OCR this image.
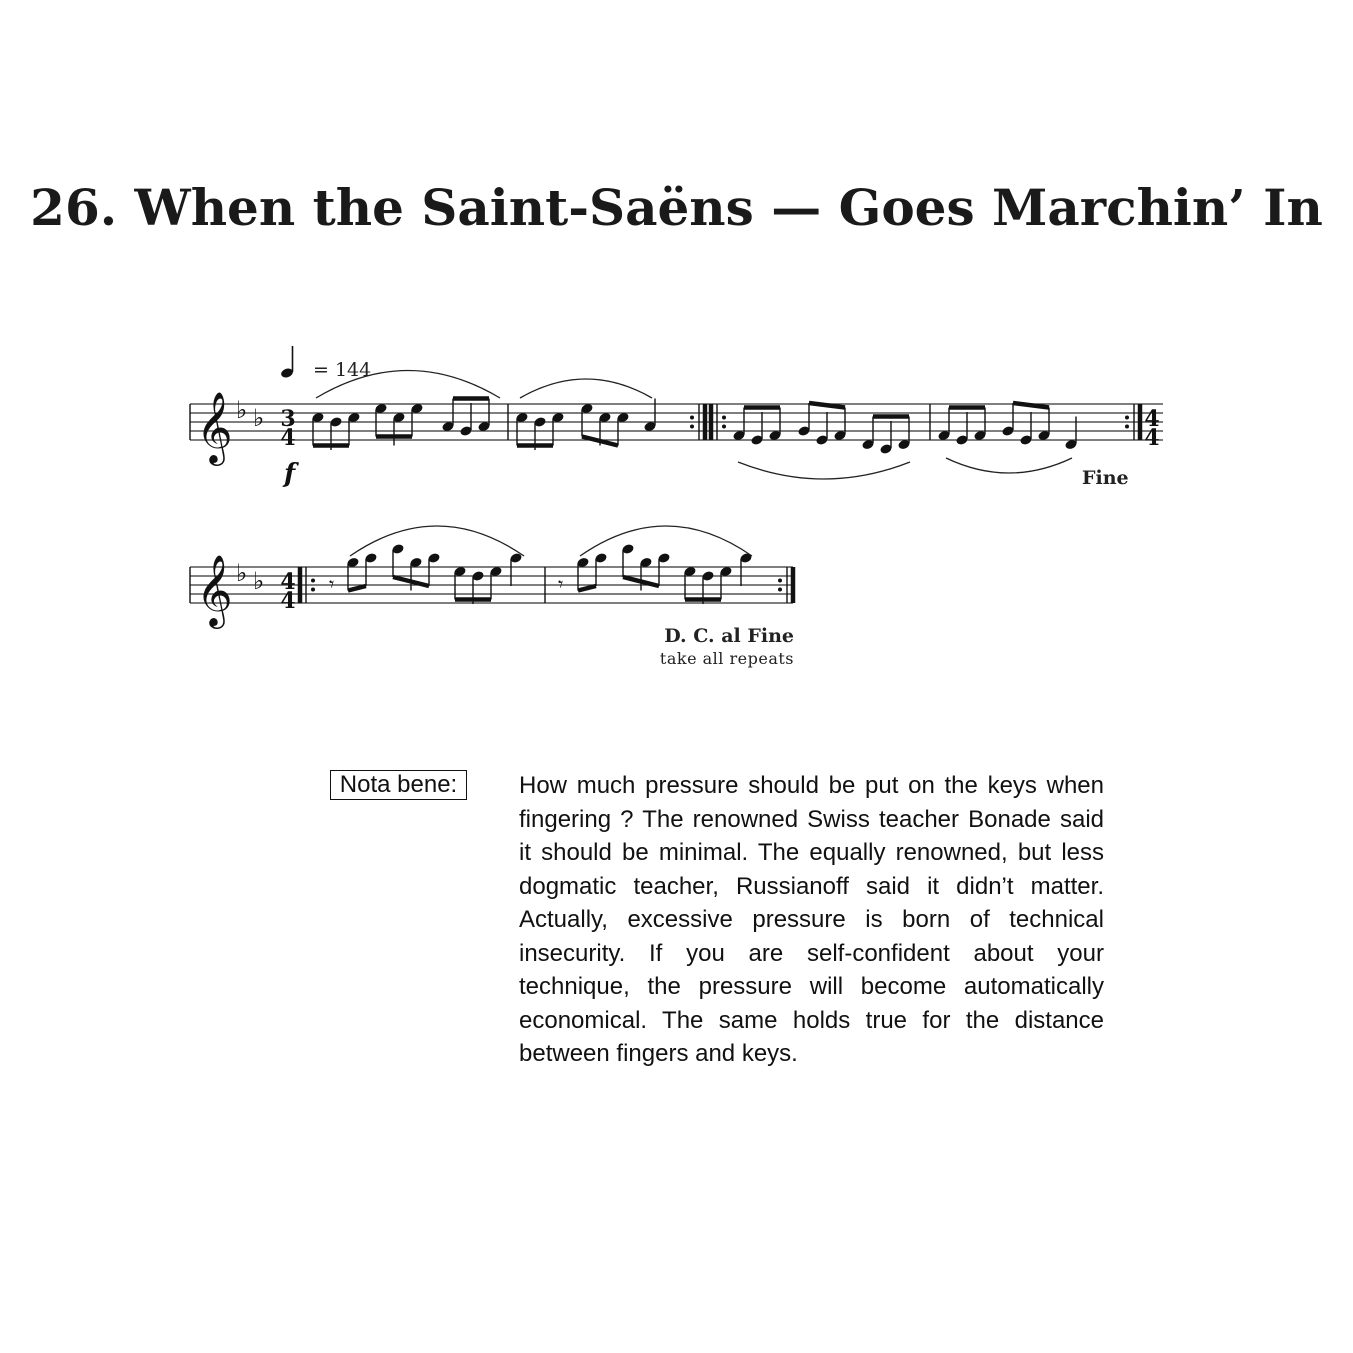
26. When the Saint-Saëns — Goes Marchin’ In
𝄞 ♭ ♭
𝄞 ♭ ♭	𝄾	𝄾
= 144
f
3
4
4
4
4
4
Fine
D. C. al Fine
take all repeats
Nota bene:	How much pressure should be put on the keys when fingering ? The renowned Swiss teacher Bonade said it should be minimal. The equally renowned, but less dogmatic teacher, Russianoff said it didn’t matter. Actually, excessive pressure is born of technical insecurity. If you are self-confident about your technique, the pressure will become automatically economical. The same holds true for the distance between fingers and keys.
